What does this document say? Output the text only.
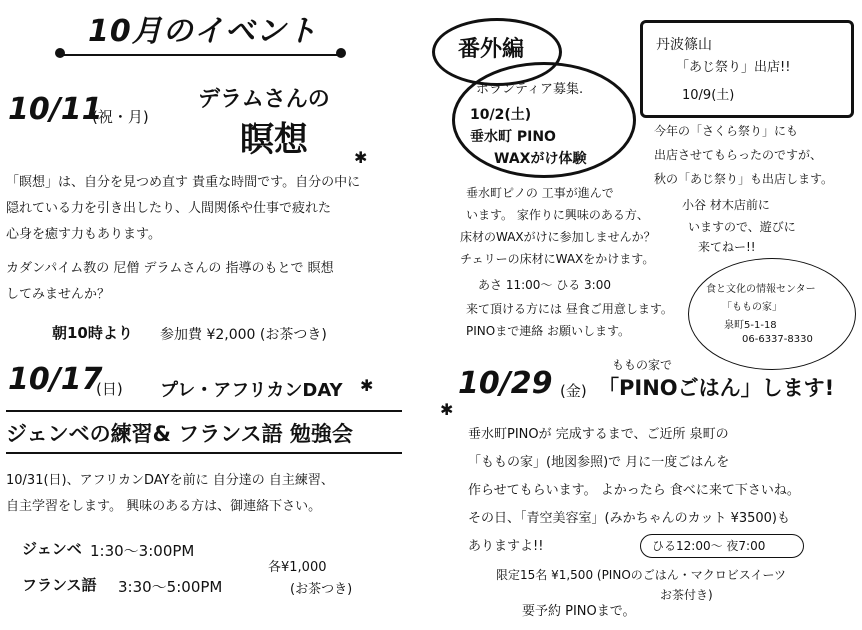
10月のイベント
10/11
(祝・月)
デラムさんの
瞑想	✱
「瞑想」は、自分を見つめ直す 貴重な時間です。自分の中に
隠れている力を引き出したり、人間関係や仕事で疲れた
心身を癒す力もあります。
カダンパイム教の 尼僧 デラムさんの 指導のもとで 瞑想
してみませんか？
朝10時より 参加費 ¥2,000 (お茶つき)
10/17
(日) プレ・アフリカンDAY ✱
ジェンベの練習& フランス語 勉強会
10/31(日)、アフリカンDAYを前に 自分達の 自主練習、
自主学習をします。 興味のある方は、御連絡下さい。
ジェンベ 1:30〜3:00PM
フランス語 3:30〜5:00PM
各¥1,000
(お茶つき)
番外編
ボランティア募集.
10/2(土)
垂水町 PINO
WAXがけ体験
垂水町ピノの 工事が進んで
います。 家作りに興味のある方、
床材のWAXがけに参加しませんか？
チェリーの床材にWAXをかけます。
あさ 11:00〜 ひる 3:00
来て頂ける方には 昼食ご用意します。
PINOまで連絡 お願いします。
丹波篠山
「あじ祭り」出店!!
10/9(土)
今年の「さくら祭り」にも
出店させてもらったのですが、
秋の「あじ祭り」も出店します。
小谷 材木店前に
いますので、遊びに
来てねー!!
食と文化の情報センター
「ももの家」
泉町5-1-18
06-6337-8330
ももの家で
✱
10/29 (金) 「PINOごはん」します!
垂水町PINOが 完成するまで、ご近所 泉町の
「ももの家」(地図参照)で 月に一度ごはんを
作らせてもらいます。 よかったら 食べに来て下さいね。
その日、「青空美容室」(みかちゃんのカット ¥3500)も
ありますよ!!	ひる12:00〜 夜7:00
限定15名 ¥1,500 (PINOのごはん・マクロビスイーツ
お茶付き)
要予約 PINOまで。
